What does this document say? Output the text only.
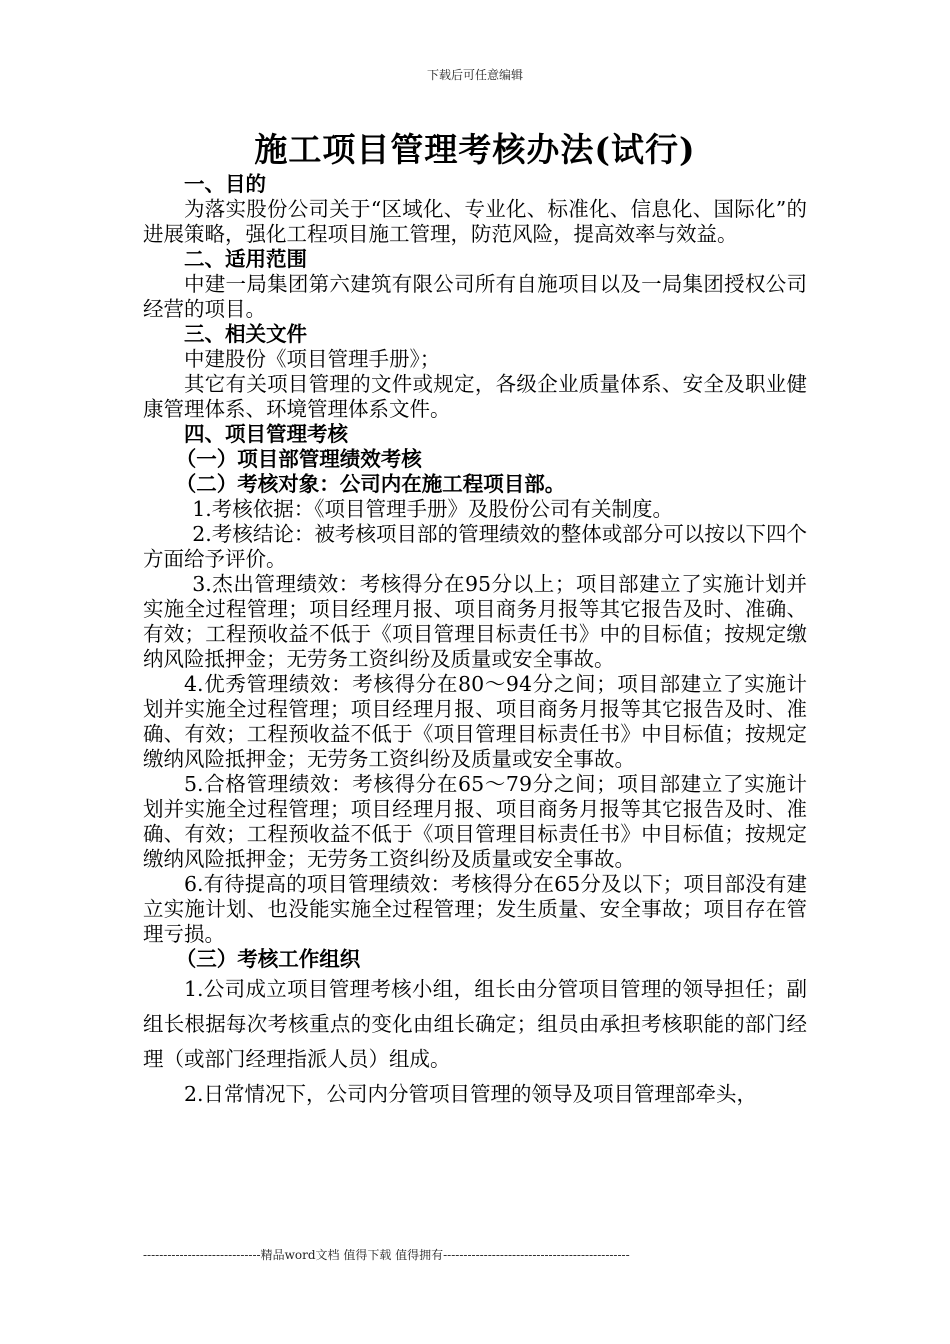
下载后可任意编辑
施工项目管理考核办法(试行)

一、目的

为落实股份公司关于“区域化、专业化、标准化、信息化、国际化”的进展策略，强化工程项目施工管理，防范风险，提高效率与效益。

二、适用范围

中建一局集团第六建筑有限公司所有自施项目以及一局集团授权公司经营的项目。

三、相关文件

中建股份《项目管理手册》；

其它有关项目管理的文件或规定，各级企业质量体系、安全及职业健康管理体系、环境管理体系文件。

四、项目管理考核

（一）项目部管理绩效考核

（二）考核对象：公司内在施工程项目部。

1.考核依据：《项目管理手册》及股份公司有关制度。

2.考核结论：被考核项目部的管理绩效的整体或部分可以按以下四个方面给予评价。

3.杰出管理绩效：考核得分在95分以上；项目部建立了实施计划并实施全过程管理；项目经理月报、项目商务月报等其它报告及时、准确、有效；工程预收益不低于《项目管理目标责任书》中的目标值；按规定缴纳风险抵押金；无劳务工资纠纷及质量或安全事故。

4.优秀管理绩效：考核得分在80～94分之间；项目部建立了实施计划并实施全过程管理；项目经理月报、项目商务月报等其它报告及时、准确、有效；工程预收益不低于《项目管理目标责任书》中目标值；按规定缴纳风险抵押金；无劳务工资纠纷及质量或安全事故。

5.合格管理绩效：考核得分在65～79分之间；项目部建立了实施计划并实施全过程管理；项目经理月报、项目商务月报等其它报告及时、准确、有效；工程预收益不低于《项目管理目标责任书》中目标值；按规定缴纳风险抵押金；无劳务工资纠纷及质量或安全事故。

6.有待提高的项目管理绩效：考核得分在65分及以下；项目部没有建立实施计划、也没能实施全过程管理；发生质量、安全事故；项目存在管理亏损。

（三）考核工作组织

1.公司成立项目管理考核小组，组长由分管项目管理的领导担任；副组长根据每次考核重点的变化由组长确定；组员由承担考核职能的部门经理（或部门经理指派人员）组成。

2.日常情况下，公司内分管项目管理的领导及项目管理部牵头，

-----------------------------精品word文档 值得下载 值得拥有----------------------------------------------
